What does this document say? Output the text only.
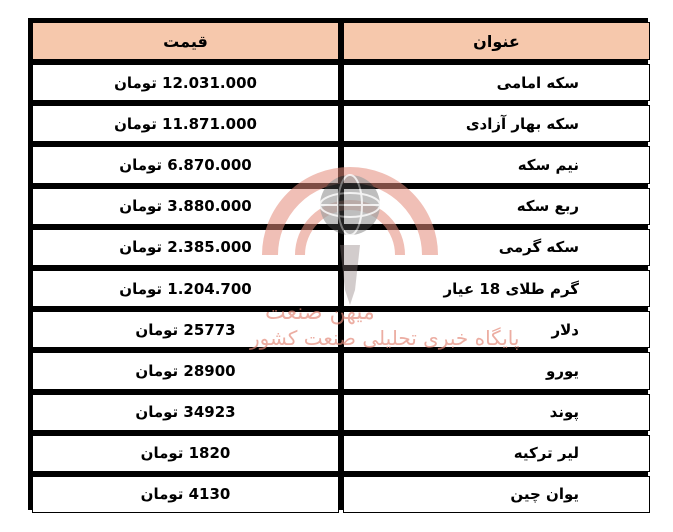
قیمت	عنوان
12.031.000 تومان	سکه امامی
11.871.000 تومان	سکه بهار آزادی
6.870.000 تومان	نیم سکه
3.880.000 تومان	ربع سکه
2.385.000 تومان	سکه گرمی
1.204.700 تومان	گرم طلای 18 عیار
25773 تومان	دلار
28900 تومان	یورو
34923 تومان	پوند
1820 تومان	لیر ترکیه
4130 تومان	یوان چین
میهن صنعت
پایگاه خبری تحلیلی صنعت کشور
